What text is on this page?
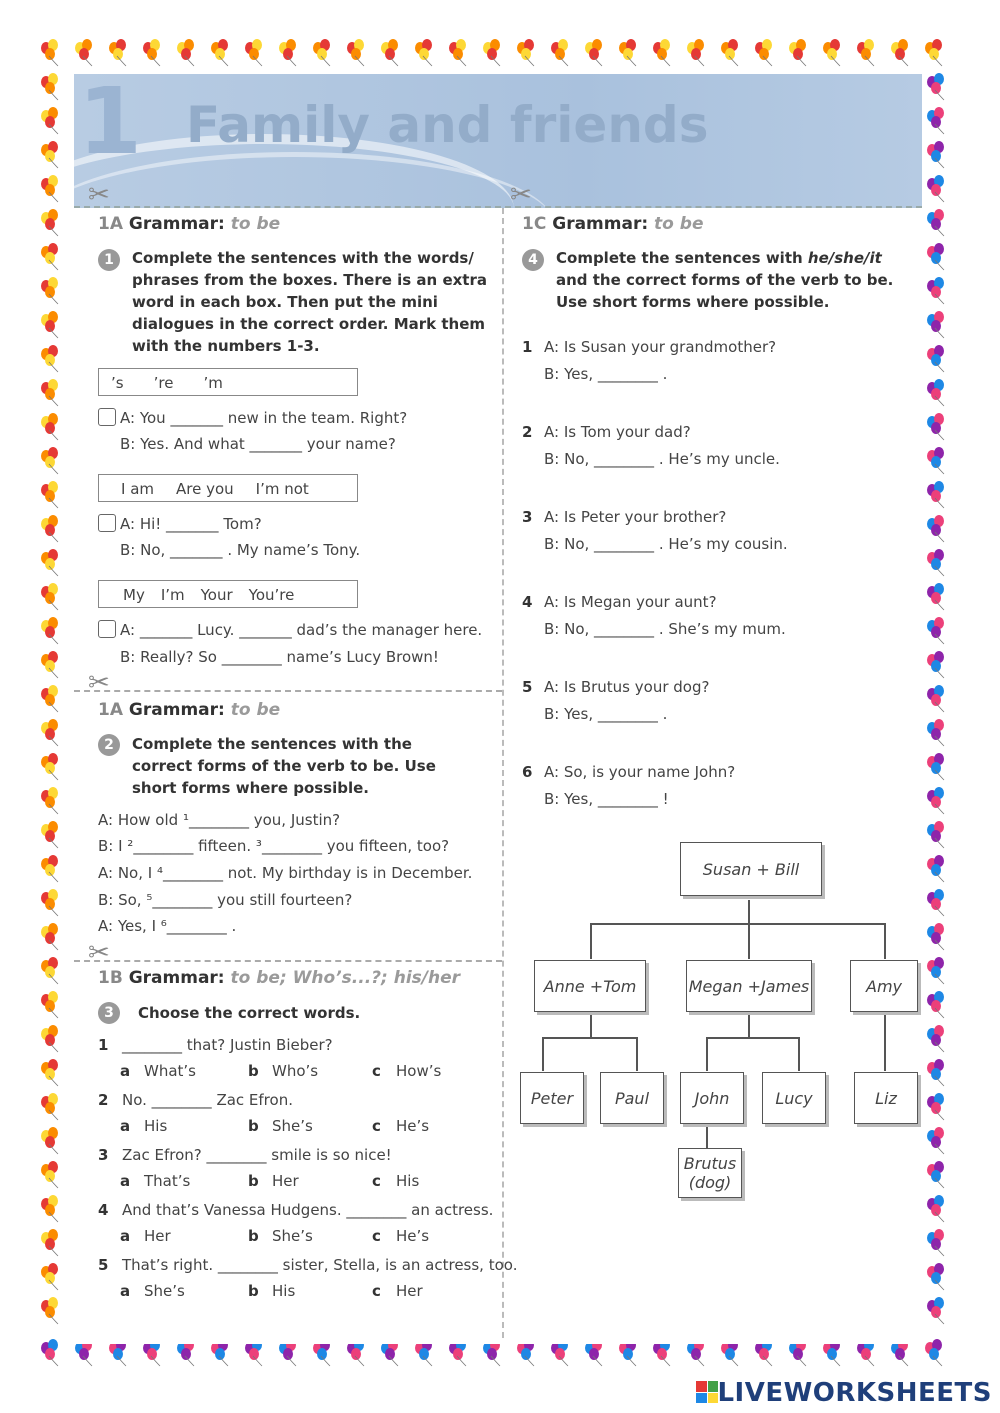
1 Family and friends
✂	✂
1A Grammar: to be
1	Complete the sentences with the words/ phrases from the boxes. There is an extra word in each box. Then put the mini dialogues in the correct order. Mark them with the numbers 1-3.
’s ’re ’m
A: You _______ new in the team. Right?
B: Yes. And what _______ your name?
I am Are you I’m not
A: Hi! _______ Tom?
B: No, _______ . My name’s Tony.
My I’m Your You’re
A: _______ Lucy. _______ dad’s the manager here.
B: Really? So ________ name’s Lucy Brown!
✂
1A Grammar: to be
2	Complete the sentences with the correct forms of the verb to be. Use short forms where possible.
A: How old ¹________ you, Justin?
B: I ²________ fifteen. ³________ you fifteen, too?
A: No, I ⁴________ not. My birthday is in December.
B: So, ⁵________ you still fourteen?
A: Yes, I ⁶________ .
✂
1B Grammar: to be; Who’s...?; his/her
3	Choose the correct words.
1 ________ that? Justin Bieber?
a What’s	b Who’s	c How’s
2 No. ________ Zac Efron.
a His	b She’s	c He’s
3 Zac Efron? ________ smile is so nice!
a That’s	b Her	c His
4 And that’s Vanessa Hudgens. ________ an actress.
a Her	b She’s	c He’s
5 That’s right. ________ sister, Stella, is an actress, too.
a She’s	b His	c Her
1C Grammar: to be
4	Complete the sentences with he/she/it and the correct forms of the verb to be. Use short forms where possible.
1 A: Is Susan your grandmother?
B: Yes, ________ .
2 A: Is Tom your dad?
B: No, ________ . He’s my uncle.
3 A: Is Peter your brother?
B: No, ________ . He’s my cousin.
4 A: Is Megan your aunt?
B: No, ________ . She’s my mum.
5 A: Is Brutus your dog?
B: Yes, ________ .
6 A: So, is your name John?
B: Yes, ________ !
Susan + Bill
Anne +Tom	Megan +James	Amy
Peter	Paul	John	Lucy	Liz
Brutus
(dog)
LIVEWORKSHEETS
